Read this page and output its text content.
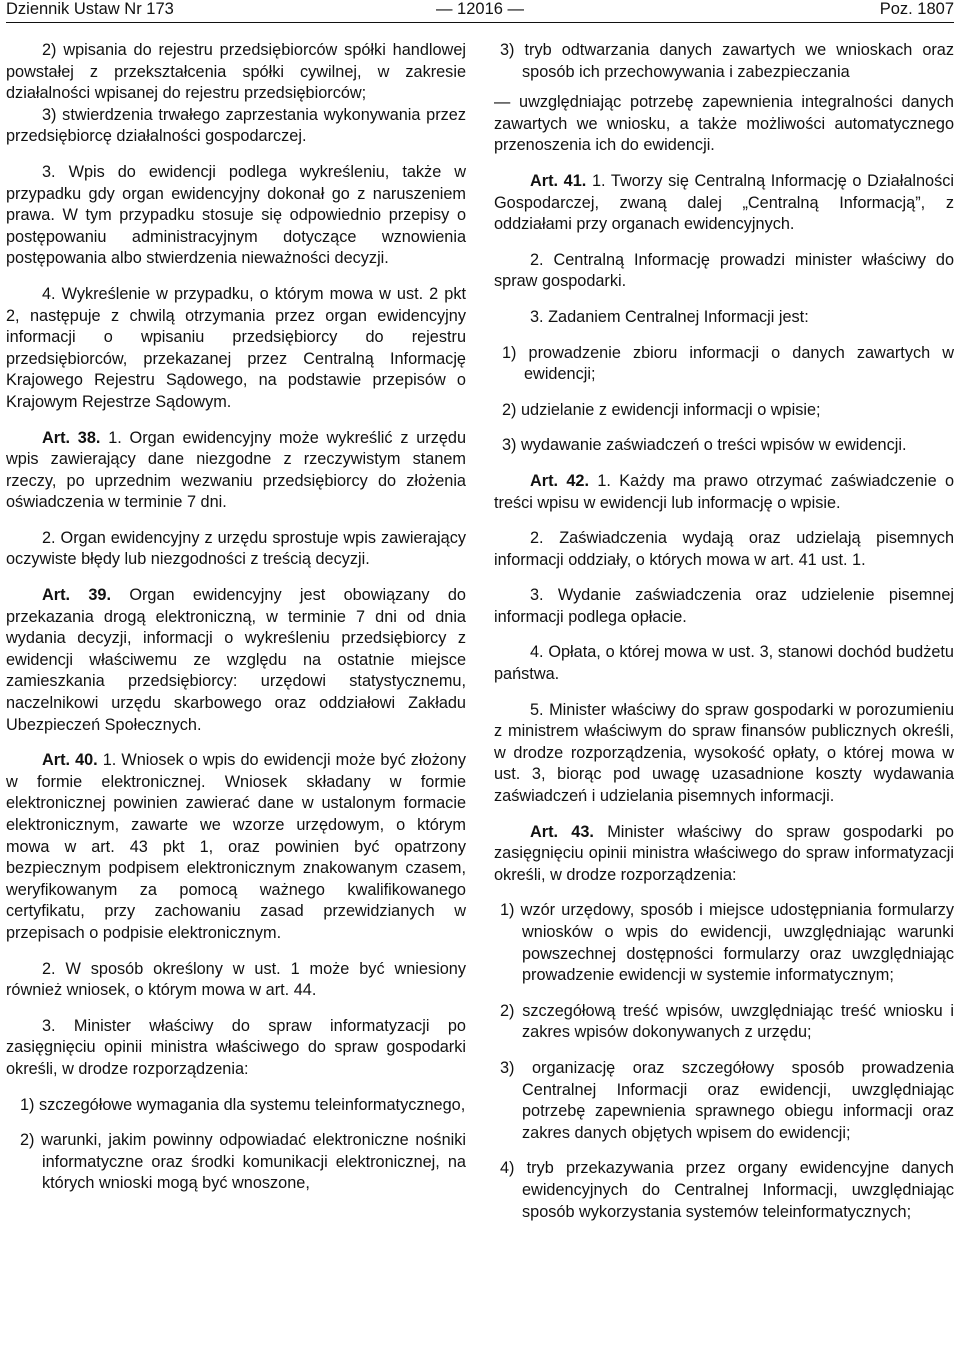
Dziennik Ustaw Nr 173	— 12016 —	Poz. 1807

2) wpisania do rejestru przedsiębiorców spółki handlowej powstałej z przekształcenia spółki cywilnej, w zakresie działalności wpisanej do rejestru przedsiębiorców;

3) stwierdzenia trwałego zaprzestania wykonywania przez przedsiębiorcę działalności gospodarczej.

3. Wpis do ewidencji podlega wykreśleniu, także w przypadku gdy organ ewidencyjny dokonał go z naruszeniem prawa. W tym przypadku stosuje się odpowiednio przepisy o postępowaniu administracyjnym dotyczące wznowienia postępowania albo stwierdzenia nieważności decyzji.

4. Wykreślenie w przypadku, o którym mowa w ust. 2 pkt 2, następuje z chwilą otrzymania przez organ ewidencyjny informacji o wpisaniu przedsiębiorcy do rejestru przedsiębiorców, przekazanej przez Centralną Informację Krajowego Rejestru Sądowego, na podstawie przepisów o Krajowym Rejestrze Sądowym.

Art. 38. 1. Organ ewidencyjny może wykreślić z urzędu wpis zawierający dane niezgodne z rzeczywistym stanem rzeczy, po uprzednim wezwaniu przedsiębiorcy do złożenia oświadczenia w terminie 7 dni.

2. Organ ewidencyjny z urzędu sprostuje wpis zawierający oczywiste błędy lub niezgodności z treścią decyzji.

Art. 39. Organ ewidencyjny jest obowiązany do przekazania drogą elektroniczną, w terminie 7 dni od dnia wydania decyzji, informacji o wykreśleniu przedsiębiorcy z ewidencji właściwemu ze względu na ostatnie miejsce zamieszkania przedsiębiorcy: urzędowi statystycznemu, naczelnikowi urzędu skarbowego oraz oddziałowi Zakładu Ubezpieczeń Społecznych.

Art. 40. 1. Wniosek o wpis do ewidencji może być złożony w formie elektronicznej. Wniosek składany w formie elektronicznej powinien zawierać dane w ustalonym formacie elektronicznym, zawarte we wzorze urzędowym, o którym mowa w art. 43 pkt 1, oraz powinien być opatrzony bezpiecznym podpisem elektronicznym znakowanym czasem, weryfikowanym za pomocą ważnego kwalifikowanego certyfikatu, przy zachowaniu zasad przewidzianych w przepisach o podpisie elektronicznym.

2. W sposób określony w ust. 1 może być wniesiony również wniosek, o którym mowa w art. 44.

3. Minister właściwy do spraw informatyzacji po zasięgnięciu opinii ministra właściwego do spraw gospodarki określi, w drodze rozporządzenia:

1) szczegółowe wymagania dla systemu teleinformatycznego,

2) warunki, jakim powinny odpowiadać elektroniczne nośniki informatyczne oraz środki komunikacji elektronicznej, na których wnioski mogą być wnoszone,

3) tryb odtwarzania danych zawartych we wnioskach oraz sposób ich przechowywania i zabezpieczania

— uwzględniając potrzebę zapewnienia integralności danych zawartych we wniosku, a także możliwości automatycznego przenoszenia ich do ewidencji.

Art. 41. 1. Tworzy się Centralną Informację o Działalności Gospodarczej, zwaną dalej „Centralną Informacją”, z oddziałami przy organach ewidencyjnych.

2. Centralną Informację prowadzi minister właściwy do spraw gospodarki.

3. Zadaniem Centralnej Informacji jest:

1) prowadzenie zbioru informacji o danych zawartych w ewidencji;

2) udzielanie z ewidencji informacji o wpisie;

3) wydawanie zaświadczeń o treści wpisów w ewidencji.

Art. 42. 1. Każdy ma prawo otrzymać zaświadczenie o treści wpisu w ewidencji lub informację o wpisie.

2. Zaświadczenia wydają oraz udzielają pisemnych informacji oddziały, o których mowa w art. 41 ust. 1.

3. Wydanie zaświadczenia oraz udzielenie pisemnej informacji podlega opłacie.

4. Opłata, o której mowa w ust. 3, stanowi dochód budżetu państwa.

5. Minister właściwy do spraw gospodarki w porozumieniu z ministrem właściwym do spraw finansów publicznych określi, w drodze rozporządzenia, wysokość opłaty, o której mowa w ust. 3, biorąc pod uwagę uzasadnione koszty wydawania zaświadczeń i udzielania pisemnych informacji.

Art. 43. Minister właściwy do spraw gospodarki po zasięgnięciu opinii ministra właściwego do spraw informatyzacji określi, w drodze rozporządzenia:

1) wzór urzędowy, sposób i miejsce udostępniania formularzy wniosków o wpis do ewidencji, uwzględniając warunki powszechnej dostępności formularzy oraz uwzględniając prowadzenie ewidencji w systemie informatycznym;

2) szczegółową treść wpisów, uwzględniając treść wniosku i zakres wpisów dokonywanych z urzędu;

3) organizację oraz szczegółowy sposób prowadzenia Centralnej Informacji oraz ewidencji, uwzględniając potrzebę zapewnienia sprawnego obiegu informacji oraz zakres danych objętych wpisem do ewidencji;

4) tryb przekazywania przez organy ewidencyjne danych ewidencyjnych do Centralnej Informacji, uwzględniając sposób wykorzystania systemów teleinformatycznych;
